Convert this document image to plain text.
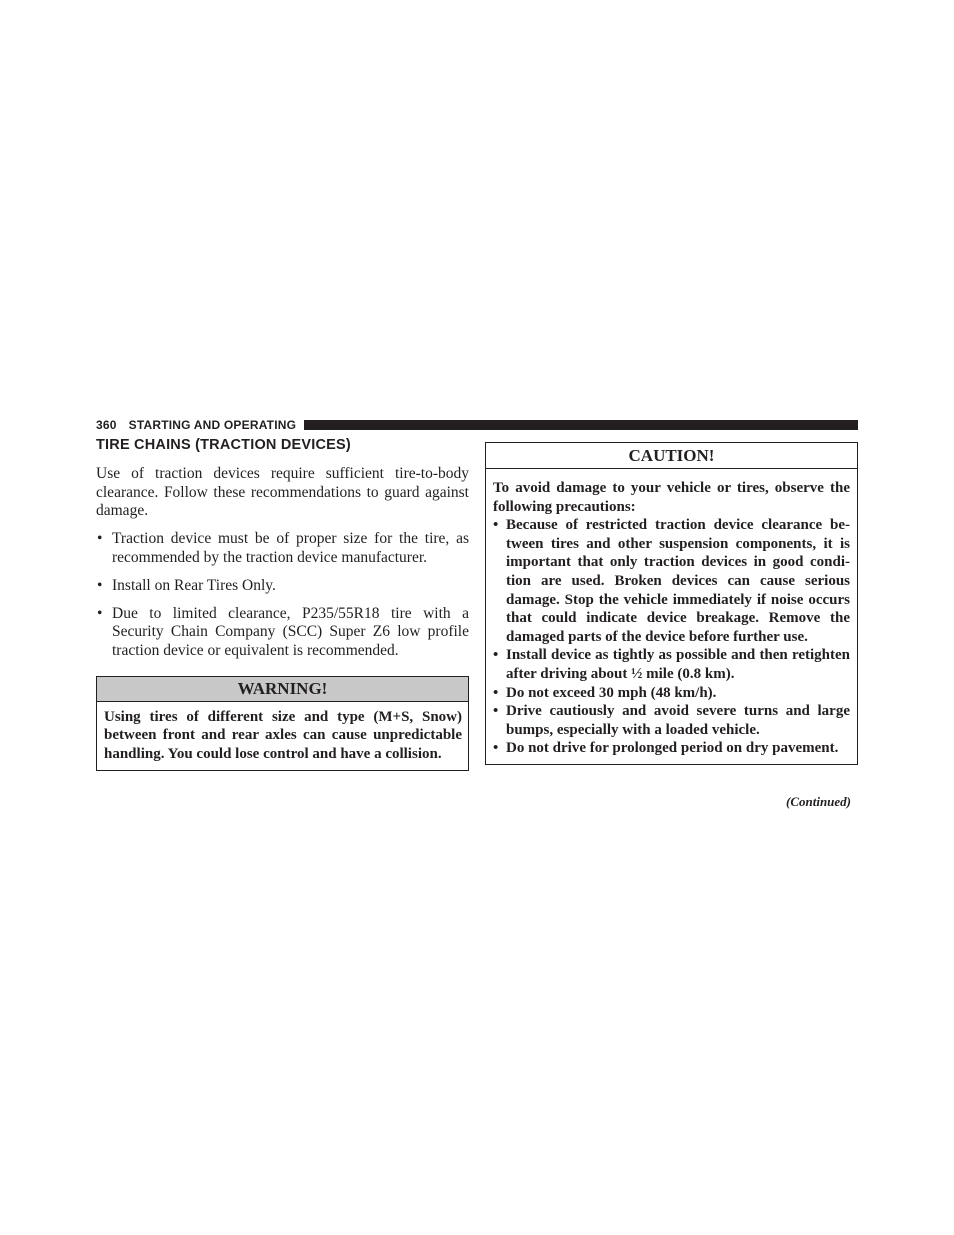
360 STARTING AND OPERATING
TIRE CHAINS (TRACTION DEVICES)

Use of traction devices require sufficient tire-to-body clearance. Follow these recommendations to guard against damage.

• Traction device must be of proper size for the tire, as recommended by the traction device manufacturer.
• Install on Rear Tires Only.
• Due to limited clearance, P235/55R18 tire with a Security Chain Company (SCC) Super Z6 low profile traction device or equivalent is recommended.
WARNING!
Using tires of different size and type (M+S, Snow) between front and rear axles can cause unpredictable handling. You could lose control and have a collision.
CAUTION!
To avoid damage to your vehicle or tires, observe the following precautions:
• Because of restricted traction device clearance between tires and other suspension components, it is important that only traction devices in good condition are used. Broken devices can cause serious damage. Stop the vehicle immediately if noise occurs that could indicate device breakage. Remove the damaged parts of the device before further use.
• Install device as tightly as possible and then retighten after driving about ½ mile (0.8 km).
• Do not exceed 30 mph (48 km/h).
• Drive cautiously and avoid severe turns and large bumps, especially with a loaded vehicle.
• Do not drive for prolonged period on dry pavement.
(Continued)
